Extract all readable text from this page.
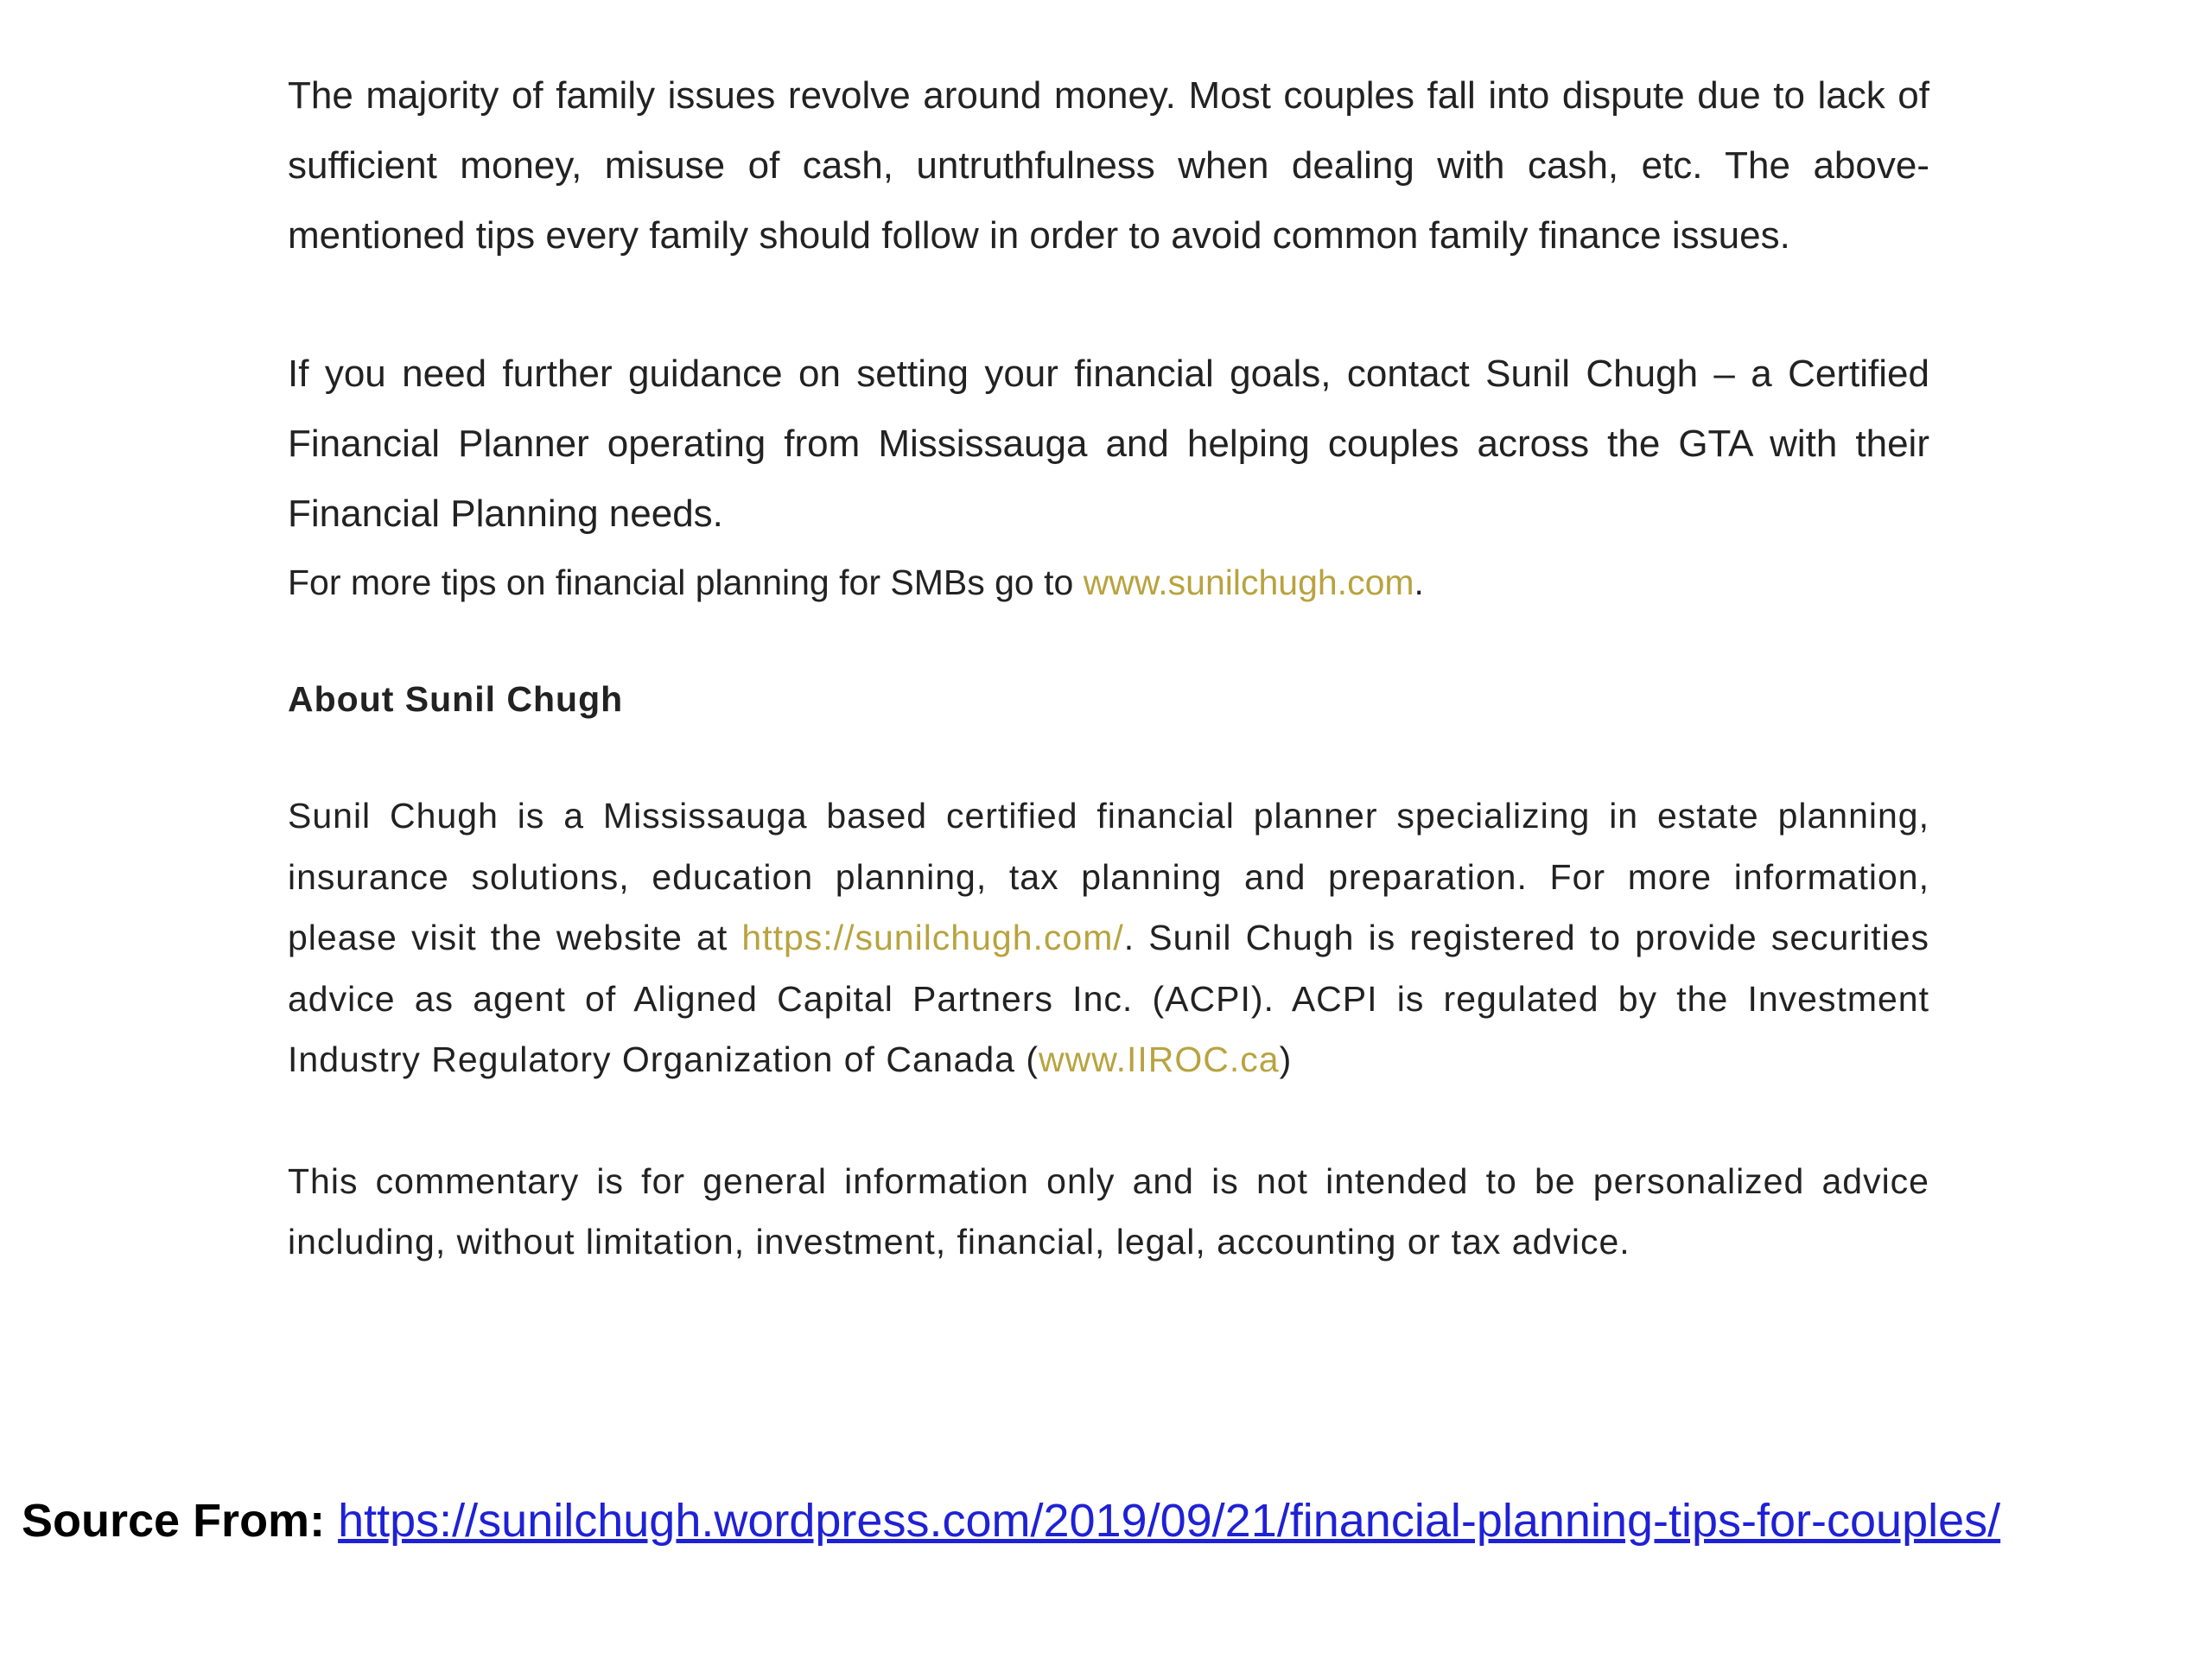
The majority of family issues revolve around money. Most couples fall into dispute due to lack of sufficient money, misuse of cash, untruthfulness when dealing with cash, etc. The above-mentioned tips every family should follow in order to avoid common family finance issues.

If you need further guidance on setting your financial goals, contact Sunil Chugh – a Certified Financial Planner operating from Mississauga and helping couples across the GTA with their Financial Planning needs.

For more tips on financial planning for SMBs go to www.sunilchugh.com.

About Sunil Chugh

Sunil Chugh is a Mississauga based certified financial planner specializing in estate planning, insurance solutions, education planning, tax planning and preparation. For more information, please visit the website at https://sunilchugh.com/. Sunil Chugh is registered to provide securities advice as agent of Aligned Capital Partners Inc. (ACPI). ACPI is regulated by the Investment Industry Regulatory Organization of Canada (www.IIROC.ca)

This commentary is for general information only and is not intended to be personalized advice including, without limitation, investment, financial, legal, accounting or tax advice.

Source From: https://sunilchugh.wordpress.com/2019/09/21/financial-planning-tips-for-couples/
